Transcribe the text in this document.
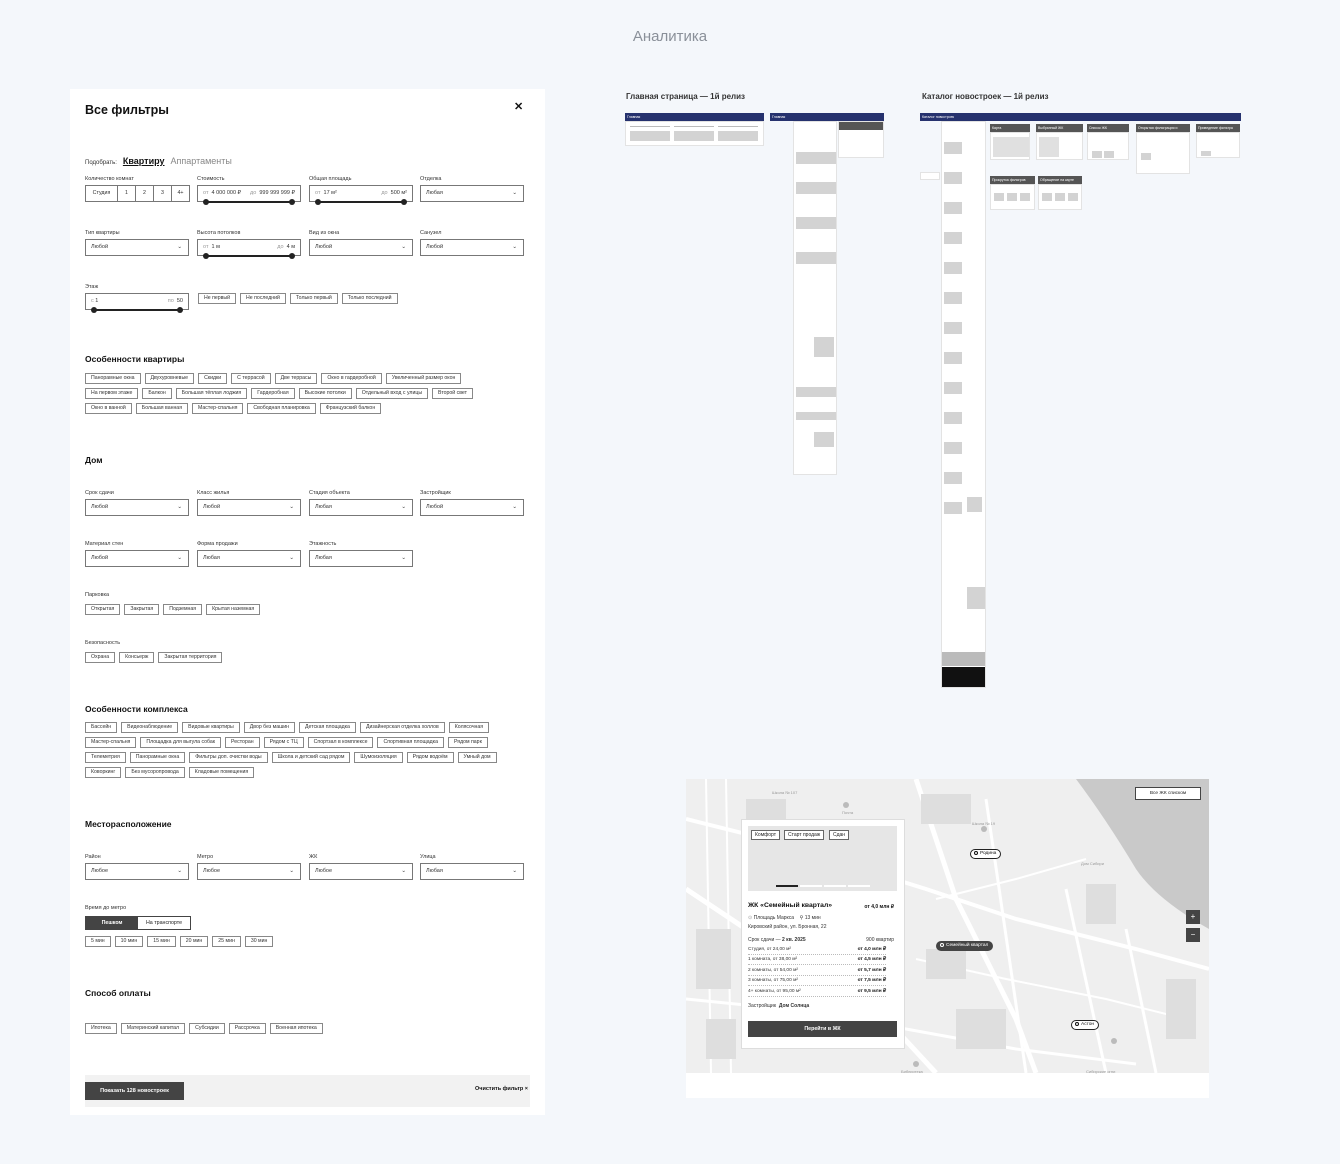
Аналитика
Все фильтры	✕
Подобрать: Квартиру Аппартаменты
Количество комнат
Студия	1	2	3	4+
Стоимость
от 4 000 000 ₽ до 999 999 999 ₽
Общая площадь
от 17 м²	до 500 м²
Отделка
Любая	⌄
Тип квартиры
Любой	⌄
Высота потолков
от 1 м	до 4 м
Вид из окна
Любой	⌄
Санузел
Любой	⌄
Этаж
с 1	по 50	Не первый	Не последний	Только первый	Только последний
Особенности квартиры
Панорамные окна	Двухуровневые	Скидки	С террасой	Две террасы	Окно в гардеробной	Увеличенный размер окон
На первом этаже	Балкон	Большая тёплая лоджия	Гардеробная	Высокие потолки	Отдельный вход с улицы	Второй свет
Окно в ванной	Большая ванная	Мастер-спальня	Свободная планировка	Французский балкон
Дом
Срок сдачи
Любой	⌄
Класс жилья
Любой	⌄
Стадия объекта
Любая	⌄
Застройщик
Любой	⌄
Материал стен
Любой	⌄
Форма продажи
Любая	⌄
Этажность
Любая	⌄
Парковка
Открытая	Закрытая	Подземная	Крытая наземная
Безопасность
Охрана	Консьерж	Закрытая территория
Особенности комплекса
Бассейн	Видеонаблюдение	Видовые квартиры	Двор без машин	Детская площадка	Дизайнерская отделка холлов	Колясочная
Мастер-спальня	Площадка для выгула собак	Ресторан	Рядом с ТЦ	Спортзал в комплексе	Спортивная площадка	Рядом парк
Телеметрия	Панорамные окна	Фильтры доп. очистки воды	Школа и детский сад рядом	Шумоизоляция	Рядом водоём	Умный дом
Коворкинг	Без мусоропровода	Кладовые помещения
Месторасположение
Район
Любое	⌄
Метро
Любое	⌄
ЖК
Любое	⌄
Улица
Любая	⌄
Время до метро
Пешком	На транспорте
5 мин	10 мин	15 мин	20 мин	25 мин	30 мин
Способ оплаты
Ипотека	Материнский капитал	Субсидии	Рассрочка	Военная ипотека
Показать 128 новостроек	Очистить фильтр ×
Главная страница — 1й релиз
Главная	Главная
Каталог новостроек — 1й релиз
Каталог новостроек
Карта	Выбранный ЖК	Список ЖК	Открытая фильтрация и	Приведение фильтра
Прокрутка фильтров	Обращение на карте
Школа № 107
Школа № 19
Сибирские огни
Почта
Дом Сибири
Библиотека
Все ЖК списком
Родина
Семейный квартал
Астон
+
−
Комфорт	Старт продаж	Сдан
ЖК «Семейный квартал»	от 4,0 млн ₽
⊙ Площадь Маркса ⚲ 13 мин
Кировский район, ул. Бронная, 22
Срок сдачи — 2 кв. 2025	900 квартир
Студия, от 24,00 м²	от 4,0 млн ₽
1 комната, от 38,00 м²	от 4,5 млн ₽
2 комнаты, от 54,00 м²	от 5,7 млн ₽
3 комнаты, от 75,00 м²	от 7,5 млн ₽
4+ комнаты, от 95,00 м²	от 9,5 млн ₽
Застройщик Дом Солнца
Перейти в ЖК
